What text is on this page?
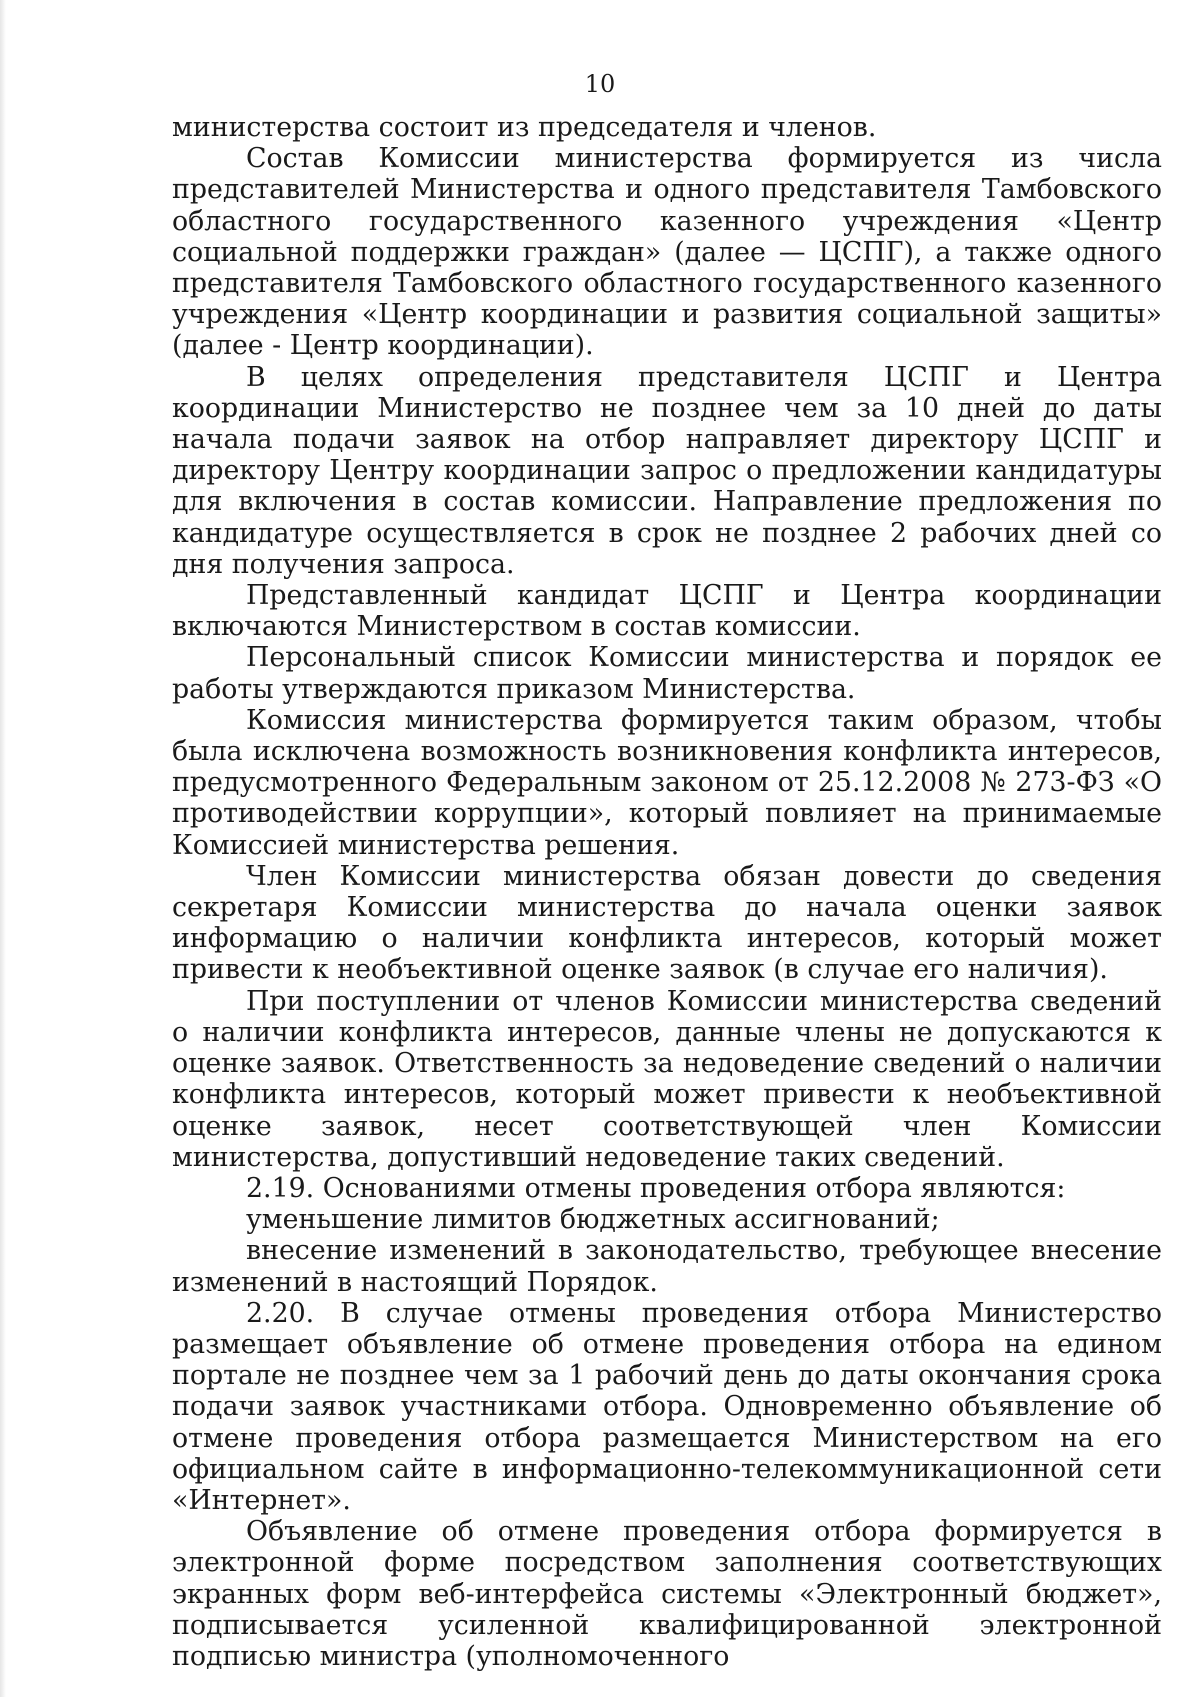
10

министерства состоит из председателя и членов.

Состав Комиссии министерства формируется из числа представителей Министерства и одного представителя Тамбовского областного государственного казенного учреждения «Центр социальной поддержки граждан» (далее — ЦСПГ), а также одного представителя Тамбовского областного государственного казенного учреждения «Центр координации и развития социальной защиты» (далее - Центр координации).

В целях определения представителя ЦСПГ и Центра координации Министерство не позднее чем за 10 дней до даты начала подачи заявок на отбор направляет директору ЦСПГ и директору Центру координации запрос о предложении кандидатуры для включения в состав комиссии. Направление предложения по кандидатуре осуществляется в срок не позднее 2 рабочих дней со дня получения запроса.

Представленный кандидат ЦСПГ и Центра координации включаются Министерством в состав комиссии.

Персональный список Комиссии министерства и порядок ее работы утверждаются приказом Министерства.

Комиссия министерства формируется таким образом, чтобы была исключена возможность возникновения конфликта интересов, предусмотренного Федеральным законом от 25.12.2008 № 273-ФЗ «О противодействии коррупции», который повлияет на принимаемые Комиссией министерства решения.

Член Комиссии министерства обязан довести до сведения секретаря Комиссии министерства до начала оценки заявок информацию о наличии конфликта интересов, который может привести к необъективной оценке заявок (в случае его наличия).

При поступлении от членов Комиссии министерства сведений о наличии конфликта интересов, данные члены не допускаются к оценке заявок. Ответственность за недоведение сведений о наличии конфликта интересов, который может привести к необъективной оценке заявок, несет соответствующей член Комиссии министерства, допустивший недоведение таких сведений.

2.19. Основаниями отмены проведения отбора являются:

уменьшение лимитов бюджетных ассигнований;

внесение изменений в законодательство, требующее внесение изменений в настоящий Порядок.

2.20. В случае отмены проведения отбора Министерство размещает объявление об отмене проведения отбора на едином портале не позднее чем за 1 рабочий день до даты окончания срока подачи заявок участниками отбора. Одновременно объявление об отмене проведения отбора размещается Министерством на его официальном сайте в информационно-телекоммуникационной сети «Интернет».

Объявление об отмене проведения отбора формируется в электронной форме посредством заполнения соответствующих экранных форм веб-интерфейса системы «Электронный бюджет», подписывается усиленной квалифицированной электронной подписью министра (уполномоченного
